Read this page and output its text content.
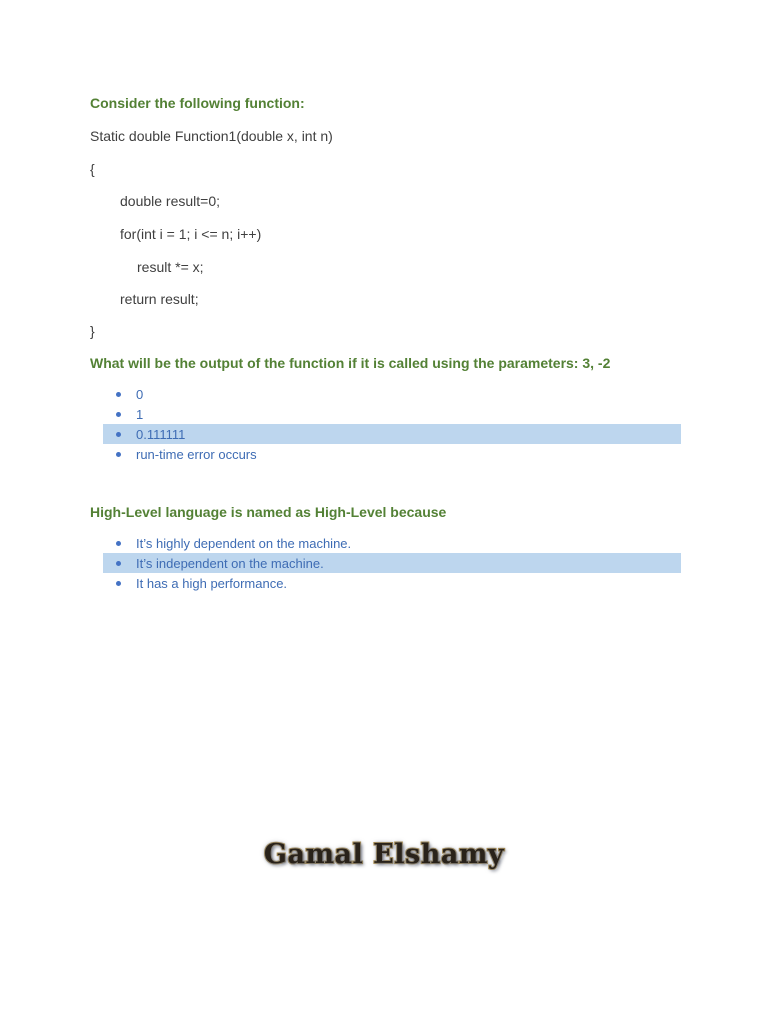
Consider the following function:
Static double Function1(double x, int n)
{
double result=0;
for(int i = 1; i <= n; i++)
result *= x;
return result;
}
What will be the output of the function if it is called using the parameters: 3, -2
0
1
0.111111
run-time error occurs
High-Level language is named as High-Level because
It’s highly dependent on the machine.
It’s independent on the machine.
It has a high performance.
Gamal Elshamy
